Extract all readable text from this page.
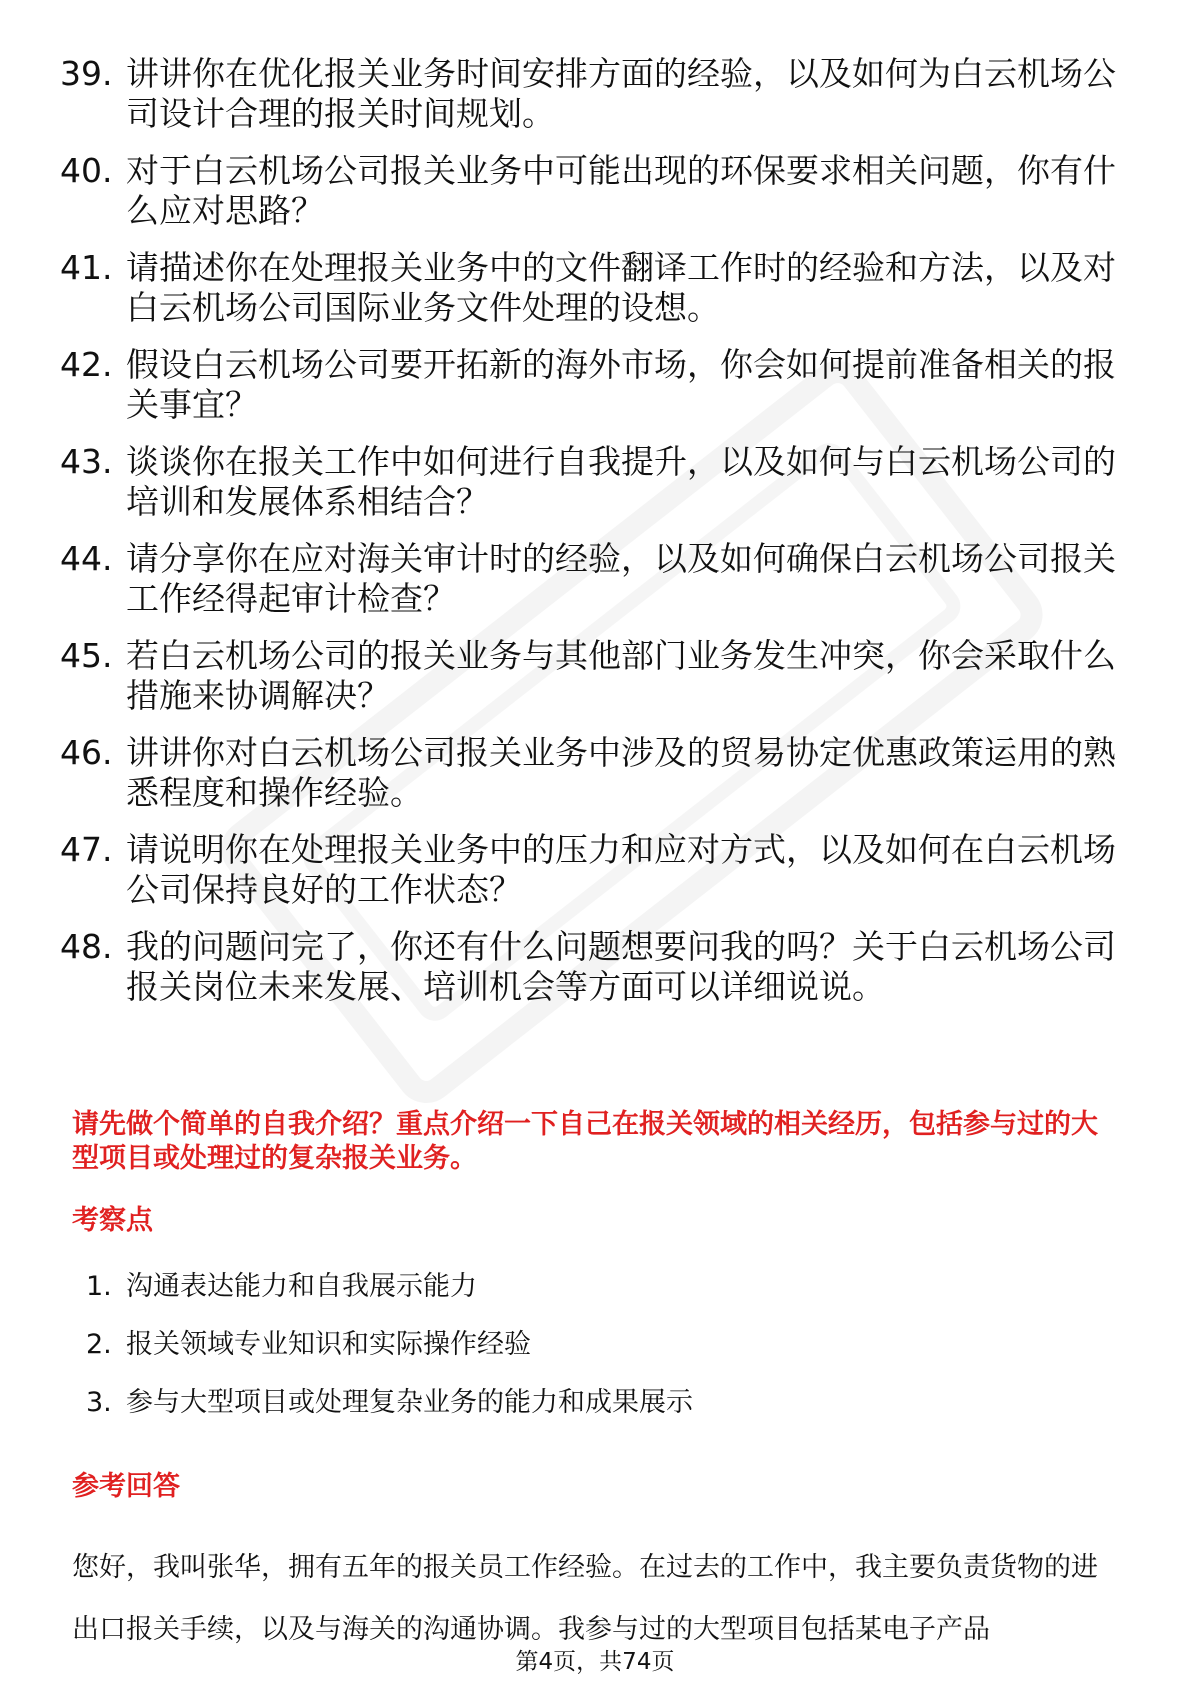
39. 讲讲你在优化报关业务时间安排方面的经验，以及如何为白云机场公司设计合理的报关时间规划。
40. 对于白云机场公司报关业务中可能出现的环保要求相关问题，你有什么应对思路？
41. 请描述你在处理报关业务中的文件翻译工作时的经验和方法，以及对白云机场公司国际业务文件处理的设想。
42. 假设白云机场公司要开拓新的海外市场，你会如何提前准备相关的报关事宜？
43. 谈谈你在报关工作中如何进行自我提升，以及如何与白云机场公司的培训和发展体系相结合？
44. 请分享你在应对海关审计时的经验，以及如何确保白云机场公司报关工作经得起审计检查？
45. 若白云机场公司的报关业务与其他部门业务发生冲突，你会采取什么措施来协调解决？
46. 讲讲你对白云机场公司报关业务中涉及的贸易协定优惠政策运用的熟悉程度和操作经验。
47. 请说明你在处理报关业务中的压力和应对方式，以及如何在白云机场公司保持良好的工作状态？
48. 我的问题问完了，你还有什么问题想要问我的吗？关于白云机场公司报关岗位未来发展、培训机会等方面可以详细说说。
请先做个简单的自我介绍？重点介绍一下自己在报关领域的相关经历，包括参与过的大型项目或处理过的复杂报关业务。
考察点
1. 沟通表达能力和自我展示能力
2. 报关领域专业知识和实际操作经验
3. 参与大型项目或处理复杂业务的能力和成果展示
参考回答
您好，我叫张华，拥有五年的报关员工作经验。在过去的工作中，我主要负责货物的进出口报关手续，以及与海关的沟通协调。我参与过的大型项目包括某电子产品
第4页，共74页
